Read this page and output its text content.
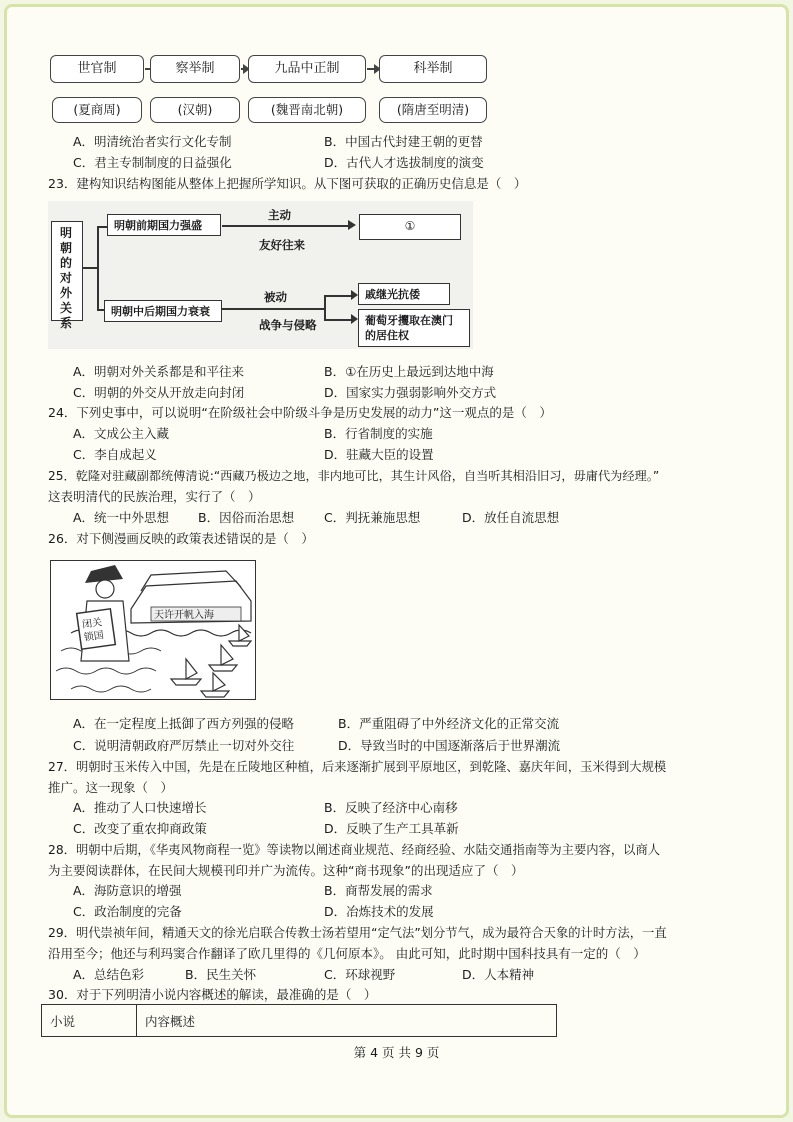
世官制	察举制	九品中正制	科举制
(夏商周)	(汉朝)	(魏晋南北朝)	(隋唐至明清)
A．明清统治者实行文化专制	B．中国古代封建王朝的更替
C．君主专制制度的日益强化	D．古代人才选拔制度的演变
23．建构知识结构图能从整体上把握所学知识。从下图可获取的正确历史信息是（　）
明朝的对外关系
明朝前期国力强盛
明朝中后期国力衰衰
主动
友好往来
①
被动
战争与侵略
戚继光抗倭
葡萄牙攫取在澳门的居住权
A．明朝对外关系都是和平往来	B．①在历史上最远到达地中海
C．明朝的外交从开放走向封闭	D．国家实力强弱影响外交方式
24．下列史事中，可以说明“在阶级社会中阶级斗争是历史发展的动力”这一观点的是（　）
A．文成公主入藏	B．行省制度的实施
C．李自成起义	D．驻藏大臣的设置
25．乾隆对驻藏副都统傅清说:“西藏乃极边之地，非内地可比，其生计风俗，自当听其相沿旧习，毋庸代为经理。”
这表明清代的民族治理，实行了（　）
A．统一中外思想 B．因俗而治思想 C．判抚兼施思想	D．放任自流思想
26．对下侧漫画反映的政策表述错误的是（　）
天许开帆入海
闭关锁国
A．在一定程度上抵御了西方列强的侵略	B．严重阻碍了中外经济文化的正常交流
C．说明清朝政府严厉禁止一切对外交往	D．导致当时的中国逐渐落后于世界潮流
27．明朝时玉米传入中国，先是在丘陵地区种植，后来逐渐扩展到平原地区，到乾隆、嘉庆年间，玉米得到大规模
推广。这一现象（　）
A．推动了人口快速增长	B．反映了经济中心南移
C．改变了重农抑商政策	D．反映了生产工具革新
28．明朝中后期，《华夷风物商程一览》等读物以阐述商业规范、经商经验、水陆交通指南等为主要内容，以商人
为主要阅读群体，在民间大规模刊印并广为流传。这种“商书现象”的出现适应了（　）
A．海防意识的增强	B．商帮发展的需求
C．政治制度的完备	D．冶炼技术的发展
29．明代崇祯年间，精通天文的徐光启联合传教士汤若望用“定气法”划分节气，成为最符合天象的计时方法，一直
沿用至今；他还与利玛窦合作翻译了欧几里得的《几何原本》。 由此可知，此时期中国科技具有一定的（　）
A．总结色彩	B．民生关怀	C．环球视野	D．人本精神
30．对于下列明清小说内容概述的解读，最准确的是（　）
小说	内容概述
第 4 页 共 9 页
